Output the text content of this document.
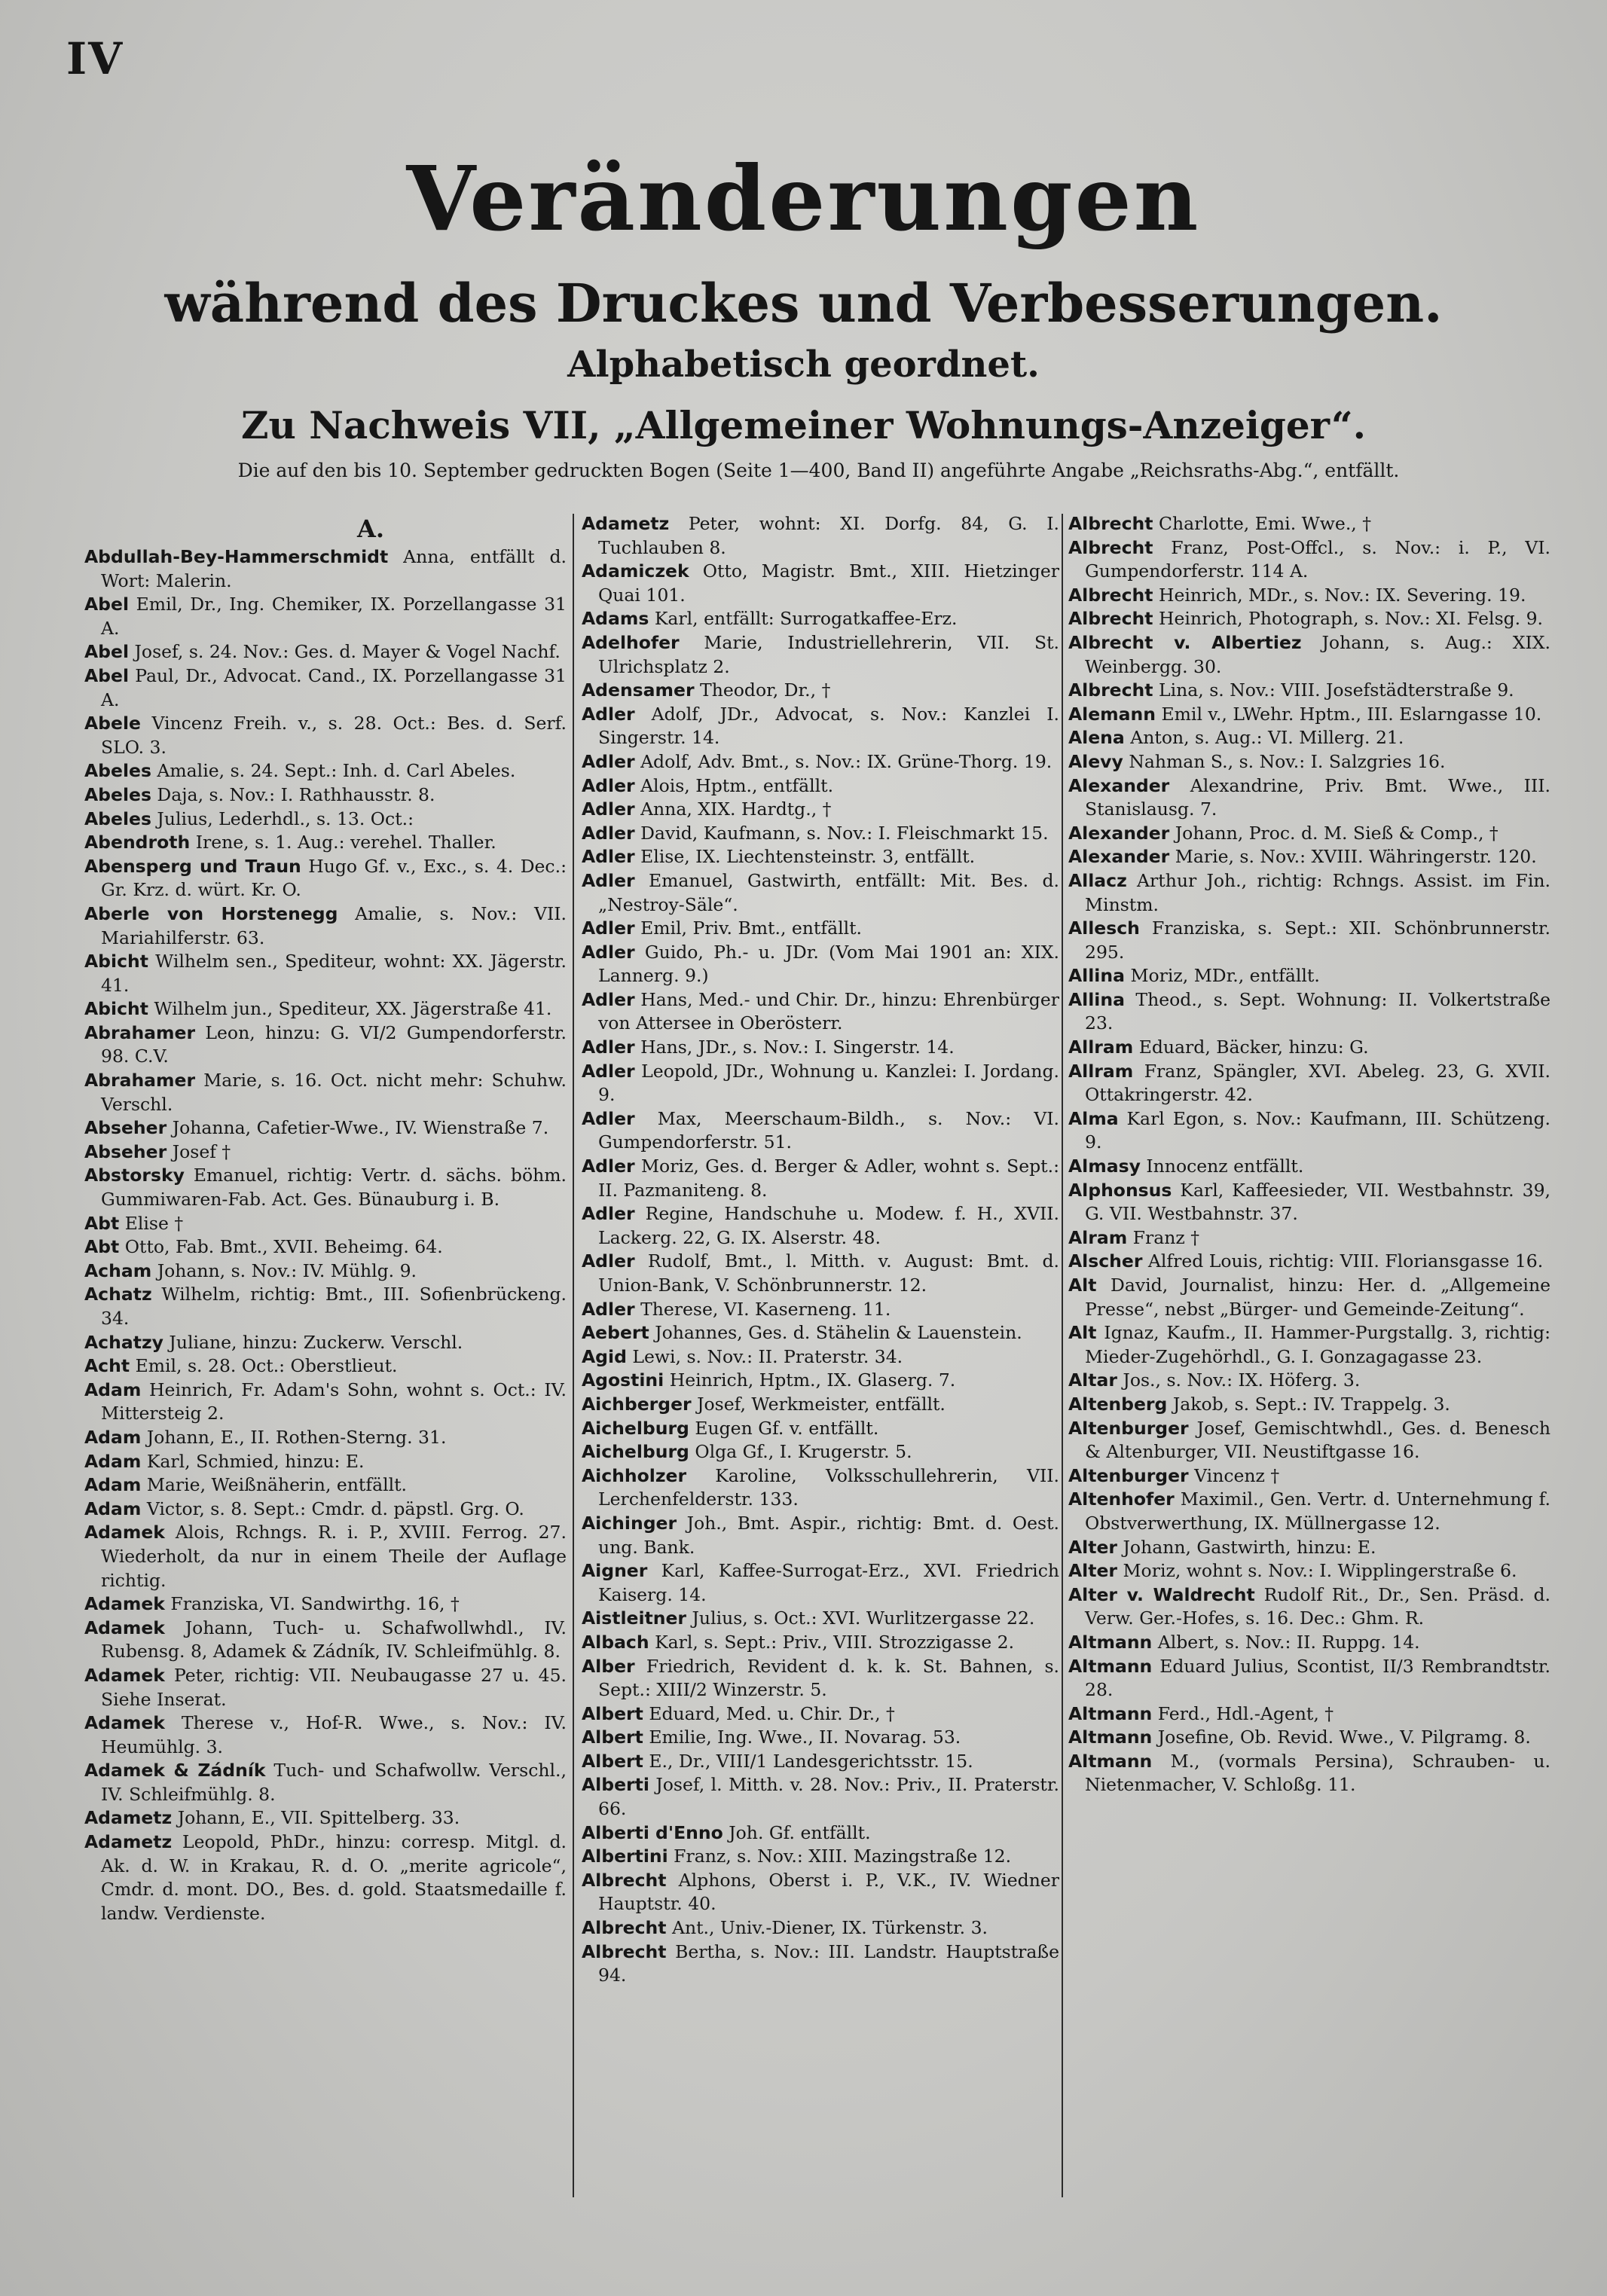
IV
Veränderungen
während des Druckes und Verbesserungen.
Alphabetisch geordnet.
Zu Nachweis VII, „Allgemeiner Wohnungs-Anzeiger“.
Die auf den bis 10. September gedruckten Bogen (Seite 1—400, Band II) angeführte Angabe „Reichsraths-Abg.“, entfällt.
A.
Abdullah-Bey-Hammerschmidt Anna, entfällt d. Wort: Malerin.
Abel Emil, Dr., Ing. Chemiker, IX. Porzellangasse 31 A.
Abel Josef, s. 24. Nov.: Ges. d. Mayer & Vogel Nachf.
Abel Paul, Dr., Advocat. Cand., IX. Porzellangasse 31 A.
Abele Vincenz Freih. v., s. 28. Oct.: Bes. d. Serf. SLO. 3.
Abeles Amalie, s. 24. Sept.: Inh. d. Carl Abeles.
Abeles Daja, s. Nov.: I. Rathhausstr. 8.
Abeles Julius, Lederhdl., s. 13. Oct.:
Abendroth Irene, s. 1. Aug.: verehel. Thaller.
Abensperg und Traun Hugo Gf. v., Exc., s. 4. Dec.: Gr. Krz. d. würt. Kr. O.
Aberle von Horstenegg Amalie, s. Nov.: VII. Mariahilferstr. 63.
Abicht Wilhelm sen., Spediteur, wohnt: XX. Jägerstr. 41.
Abicht Wilhelm jun., Spediteur, XX. Jägerstraße 41.
Abrahamer Leon, hinzu: G. VI/2 Gumpendorferstr. 98. C.V.
Abrahamer Marie, s. 16. Oct. nicht mehr: Schuhw. Verschl.
Abseher Johanna, Cafetier-Wwe., IV. Wienstraße 7.
Abseher Josef †
Abstorsky Emanuel, richtig: Vertr. d. sächs. böhm. Gummiwaren-Fab. Act. Ges. Bünauburg i. B.
Abt Elise †
Abt Otto, Fab. Bmt., XVII. Beheimg. 64.
Acham Johann, s. Nov.: IV. Mühlg. 9.
Achatz Wilhelm, richtig: Bmt., III. Sofienbrückeng. 34.
Achatzy Juliane, hinzu: Zuckerw. Verschl.
Acht Emil, s. 28. Oct.: Oberstlieut.
Adam Heinrich, Fr. Adam's Sohn, wohnt s. Oct.: IV. Mittersteig 2.
Adam Johann, E., II. Rothen-Sterng. 31.
Adam Karl, Schmied, hinzu: E.
Adam Marie, Weißnäherin, entfällt.
Adam Victor, s. 8. Sept.: Cmdr. d. päpstl. Grg. O.
Adamek Alois, Rchngs. R. i. P., XVIII. Ferrog. 27. Wiederholt, da nur in einem Theile der Auflage richtig.
Adamek Franziska, VI. Sandwirthg. 16, †
Adamek Johann, Tuch- u. Schafwollwhdl., IV. Rubensg. 8, Adamek & Zádník, IV. Schleifmühlg. 8.
Adamek Peter, richtig: VII. Neubaugasse 27 u. 45. Siehe Inserat.
Adamek Therese v., Hof-R. Wwe., s. Nov.: IV. Heumühlg. 3.
Adamek & Zádník Tuch- und Schafwollw. Verschl., IV. Schleifmühlg. 8.
Adametz Johann, E., VII. Spittelberg. 33.
Adametz Leopold, PhDr., hinzu: corresp. Mitgl. d. Ak. d. W. in Krakau, R. d. O. „merite agricole“, Cmdr. d. mont. DO., Bes. d. gold. Staatsmedaille f. landw. Verdienste.
Adametz Peter, wohnt: XI. Dorfg. 84, G. I. Tuchlauben 8.
Adamiczek Otto, Magistr. Bmt., XIII. Hietzinger Quai 101.
Adams Karl, entfällt: Surrogatkaffee-Erz.
Adelhofer Marie, Industriellehrerin, VII. St. Ulrichsplatz 2.
Adensamer Theodor, Dr., †
Adler Adolf, JDr., Advocat, s. Nov.: Kanzlei I. Singerstr. 14.
Adler Adolf, Adv. Bmt., s. Nov.: IX. Grüne-Thorg. 19.
Adler Alois, Hptm., entfällt.
Adler Anna, XIX. Hardtg., †
Adler David, Kaufmann, s. Nov.: I. Fleischmarkt 15.
Adler Elise, IX. Liechtensteinstr. 3, entfällt.
Adler Emanuel, Gastwirth, entfällt: Mit. Bes. d. „Nestroy-Säle“.
Adler Emil, Priv. Bmt., entfällt.
Adler Guido, Ph.- u. JDr. (Vom Mai 1901 an: XIX. Lannerg. 9.)
Adler Hans, Med.- und Chir. Dr., hinzu: Ehrenbürger von Attersee in Oberösterr.
Adler Hans, JDr., s. Nov.: I. Singerstr. 14.
Adler Leopold, JDr., Wohnung u. Kanzlei: I. Jordang. 9.
Adler Max, Meerschaum-Bildh., s. Nov.: VI. Gumpendorferstr. 51.
Adler Moriz, Ges. d. Berger & Adler, wohnt s. Sept.: II. Pazmaniteng. 8.
Adler Regine, Handschuhe u. Modew. f. H., XVII. Lackerg. 22, G. IX. Alserstr. 48.
Adler Rudolf, Bmt., l. Mitth. v. August: Bmt. d. Union-Bank, V. Schönbrunnerstr. 12.
Adler Therese, VI. Kaserneng. 11.
Aebert Johannes, Ges. d. Stähelin & Lauenstein.
Agid Lewi, s. Nov.: II. Praterstr. 34.
Agostini Heinrich, Hptm., IX. Glaserg. 7.
Aichberger Josef, Werkmeister, entfällt.
Aichelburg Eugen Gf. v. entfällt.
Aichelburg Olga Gf., I. Krugerstr. 5.
Aichholzer Karoline, Volksschullehrerin, VII. Lerchenfelderstr. 133.
Aichinger Joh., Bmt. Aspir., richtig: Bmt. d. Oest. ung. Bank.
Aigner Karl, Kaffee-Surrogat-Erz., XVI. Friedrich Kaiserg. 14.
Aistleitner Julius, s. Oct.: XVI. Wurlitzergasse 22.
Albach Karl, s. Sept.: Priv., VIII. Strozzigasse 2.
Alber Friedrich, Revident d. k. k. St. Bahnen, s. Sept.: XIII/2 Winzerstr. 5.
Albert Eduard, Med. u. Chir. Dr., †
Albert Emilie, Ing. Wwe., II. Novarag. 53.
Albert E., Dr., VIII/1 Landesgerichtsstr. 15.
Alberti Josef, l. Mitth. v. 28. Nov.: Priv., II. Praterstr. 66.
Alberti d'Enno Joh. Gf. entfällt.
Albertini Franz, s. Nov.: XIII. Mazingstraße 12.
Albrecht Alphons, Oberst i. P., V.K., IV. Wiedner Hauptstr. 40.
Albrecht Ant., Univ.-Diener, IX. Türkenstr. 3.
Albrecht Bertha, s. Nov.: III. Landstr. Hauptstraße 94.
Albrecht Charlotte, Emi. Wwe., †
Albrecht Franz, Post-Offcl., s. Nov.: i. P., VI. Gumpendorferstr. 114 A.
Albrecht Heinrich, MDr., s. Nov.: IX. Severing. 19.
Albrecht Heinrich, Photograph, s. Nov.: XI. Felsg. 9.
Albrecht v. Albertiez Johann, s. Aug.: XIX. Weinbergg. 30.
Albrecht Lina, s. Nov.: VIII. Josefstädterstraße 9.
Alemann Emil v., LWehr. Hptm., III. Eslarngasse 10.
Alena Anton, s. Aug.: VI. Millerg. 21.
Alevy Nahman S., s. Nov.: I. Salzgries 16.
Alexander Alexandrine, Priv. Bmt. Wwe., III. Stanislausg. 7.
Alexander Johann, Proc. d. M. Sieß & Comp., †
Alexander Marie, s. Nov.: XVIII. Währingerstr. 120.
Allacz Arthur Joh., richtig: Rchngs. Assist. im Fin. Minstm.
Allesch Franziska, s. Sept.: XII. Schönbrunnerstr. 295.
Allina Moriz, MDr., entfällt.
Allina Theod., s. Sept. Wohnung: II. Volkertstraße 23.
Allram Eduard, Bäcker, hinzu: G.
Allram Franz, Spängler, XVI. Abeleg. 23, G. XVII. Ottakringerstr. 42.
Alma Karl Egon, s. Nov.: Kaufmann, III. Schützeng. 9.
Almasy Innocenz entfällt.
Alphonsus Karl, Kaffeesieder, VII. Westbahnstr. 39, G. VII. Westbahnstr. 37.
Alram Franz †
Alscher Alfred Louis, richtig: VIII. Floriansgasse 16.
Alt David, Journalist, hinzu: Her. d. „Allgemeine Presse“, nebst „Bürger- und Gemeinde-Zeitung“.
Alt Ignaz, Kaufm., II. Hammer-Purgstallg. 3, richtig: Mieder-Zugehörhdl., G. I. Gonzagagasse 23.
Altar Jos., s. Nov.: IX. Höferg. 3.
Altenberg Jakob, s. Sept.: IV. Trappelg. 3.
Altenburger Josef, Gemischtwhdl., Ges. d. Benesch & Altenburger, VII. Neustiftgasse 16.
Altenburger Vincenz †
Altenhofer Maximil., Gen. Vertr. d. Unternehmung f. Obstverwerthung, IX. Müllnergasse 12.
Alter Johann, Gastwirth, hinzu: E.
Alter Moriz, wohnt s. Nov.: I. Wipplingerstraße 6.
Alter v. Waldrecht Rudolf Rit., Dr., Sen. Präsd. d. Verw. Ger.-Hofes, s. 16. Dec.: Ghm. R.
Altmann Albert, s. Nov.: II. Ruppg. 14.
Altmann Eduard Julius, Scontist, II/3 Rembrandtstr. 28.
Altmann Ferd., Hdl.-Agent, †
Altmann Josefine, Ob. Revid. Wwe., V. Pilgramg. 8.
Altmann M., (vormals Persina), Schrauben- u. Nietenmacher, V. Schloßg. 11.
